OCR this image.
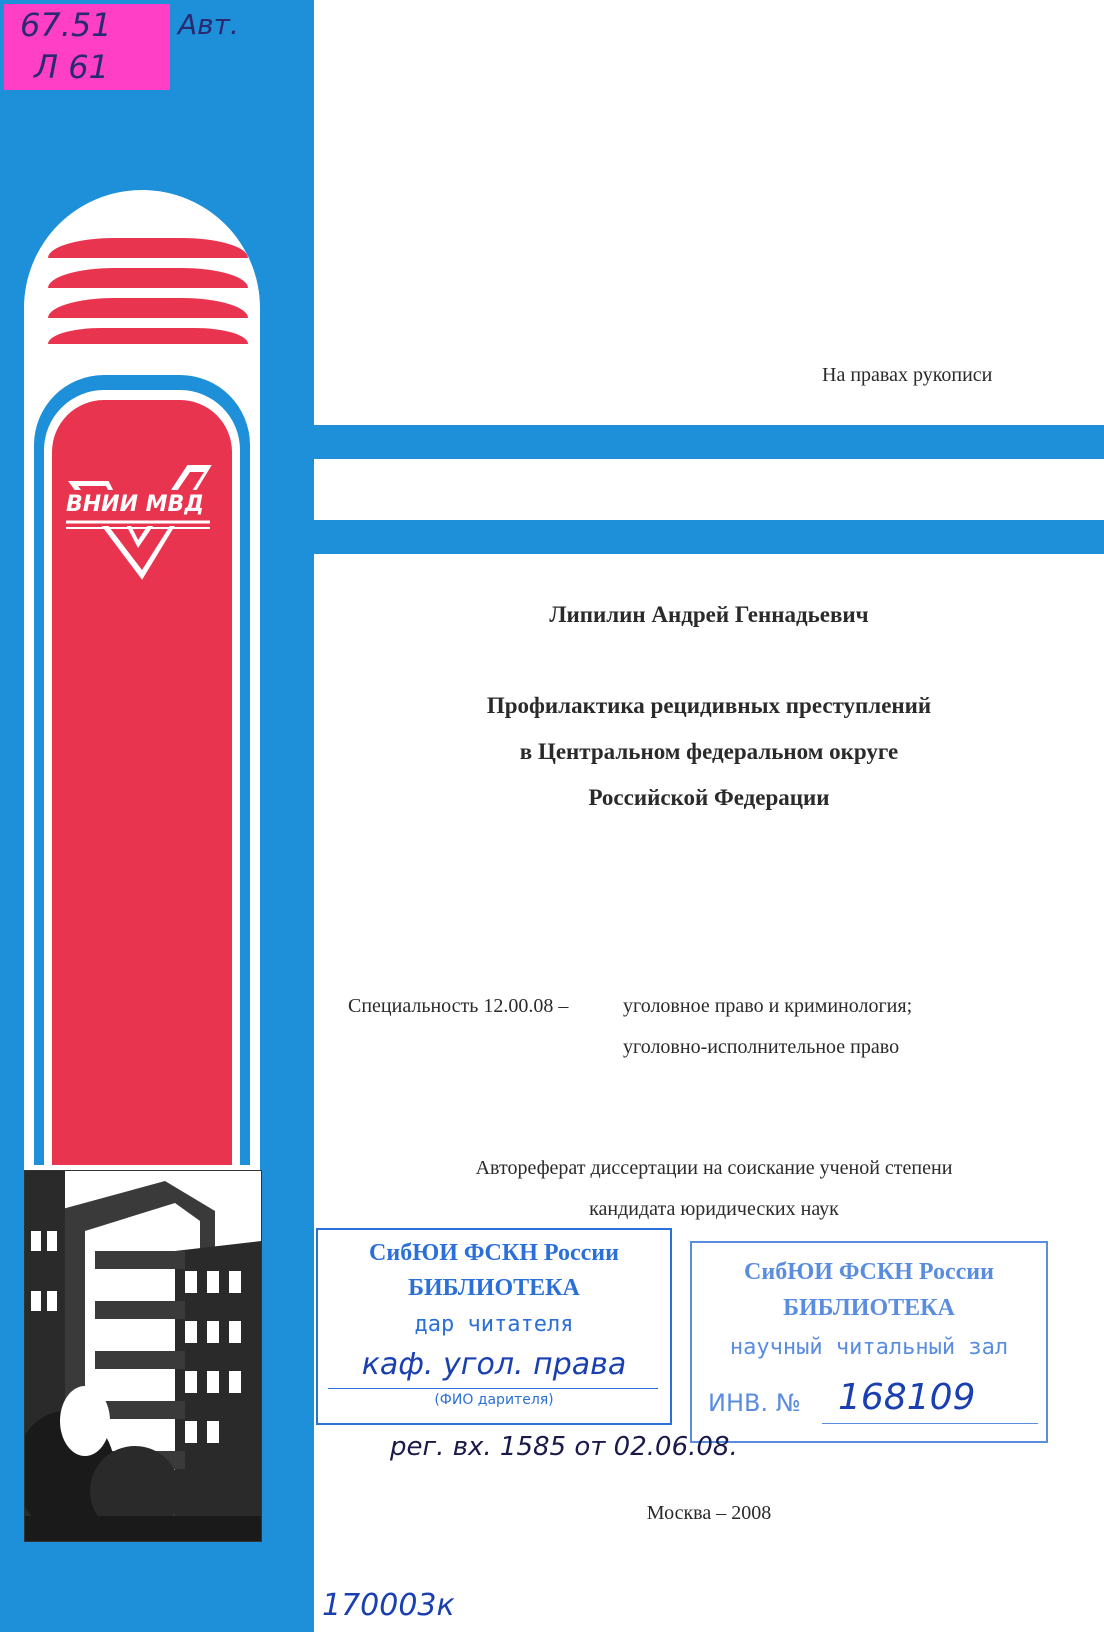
67.51
Л 61
Авт.
ВНИИ МВД
На правах рукописи
Липилин Андрей Геннадьевич
Профилактика рецидивных преступлений
в Центральном федеральном округе
Российской Федерации
Специальность 12.00.08 –	уголовное право и криминология;
уголовно-исполнительное право
Автореферат диссертации на соискание ученой степени
кандидата юридических наук
СибЮИ ФСКН России
БИБЛИОТЕКА
дар читателя
каф. угол. права
(ФИО дарителя)
СибЮИ ФСКН России
БИБЛИОТЕКА
научный читальный зал
ИНВ. № 168109
рег. вх. 1585 от 02.06.08.
Москва – 2008
170003к
